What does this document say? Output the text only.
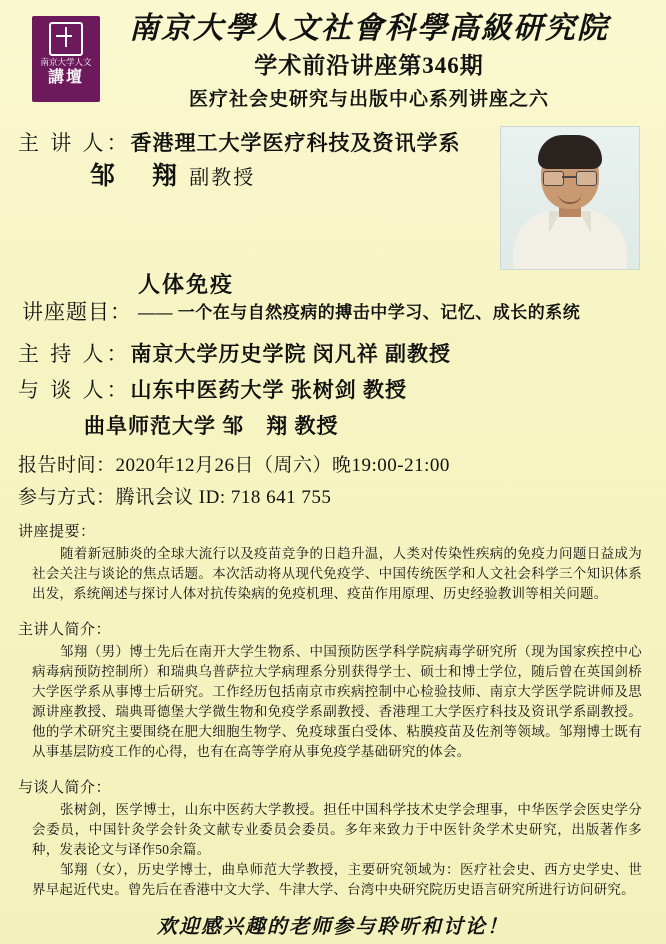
南京大学人文
講壇
南京大學人文社會科學高級研究院
学术前沿讲座第346期
医疗社会史研究与出版中心系列讲座之六
主 讲 人：香港理工大学医疗科技及资讯学系
邹　翔 副教授
讲座题目：
人体免疫
—— 一个在与自然疫病的搏击中学习、记忆、成长的系统
主 持 人：南京大学历史学院 闵凡祥 副教授
与 谈 人：山东中医药大学 张树剑 教授
曲阜师范大学 邹　翔 教授
报告时间：2020年12月26日（周六）晚19:00-21:00
参与方式：腾讯会议 ID: 718 641 755
讲座提要：
随着新冠肺炎的全球大流行以及疫苗竞争的日趋升温，人类对传染性疾病的免疫力问题日益成为社会关注与谈论的焦点话题。本次活动将从现代免疫学、中国传统医学和人文社会科学三个知识体系出发，系统阐述与探讨人体对抗传染病的免疫机理、疫苗作用原理、历史经验教训等相关问题。
主讲人简介：
邹翔（男）博士先后在南开大学生物系、中国预防医学科学院病毒学研究所（现为国家疾控中心病毒病预防控制所）和瑞典乌普萨拉大学病理系分别获得学士、硕士和博士学位，随后曾在英国剑桥大学医学系从事博士后研究。工作经历包括南京市疾病控制中心检验技师、南京大学医学院讲师及思源讲座教授、瑞典哥德堡大学微生物和免疫学系副教授、香港理工大学医疗科技及资讯学系副教授。他的学术研究主要围绕在肥大细胞生物学、免疫球蛋白受体、粘膜疫苗及佐剂等领域。邹翔博士既有从事基层防疫工作的心得，也有在高等学府从事免疫学基础研究的体会。
与谈人简介：
张树剑，医学博士，山东中医药大学教授。担任中国科学技术史学会理事，中华医学会医史学分会委员，中国针灸学会针灸文献专业委员会委员。多年来致力于中医针灸学术史研究，出版著作多种，发表论文与译作50余篇。
邹翔（女），历史学博士，曲阜师范大学教授，主要研究领域为：医疗社会史、西方史学史、世界早起近代史。曾先后在香港中文大学、牛津大学、台湾中央研究院历史语言研究所进行访问研究。
欢迎感兴趣的老师参与聆听和讨论！
